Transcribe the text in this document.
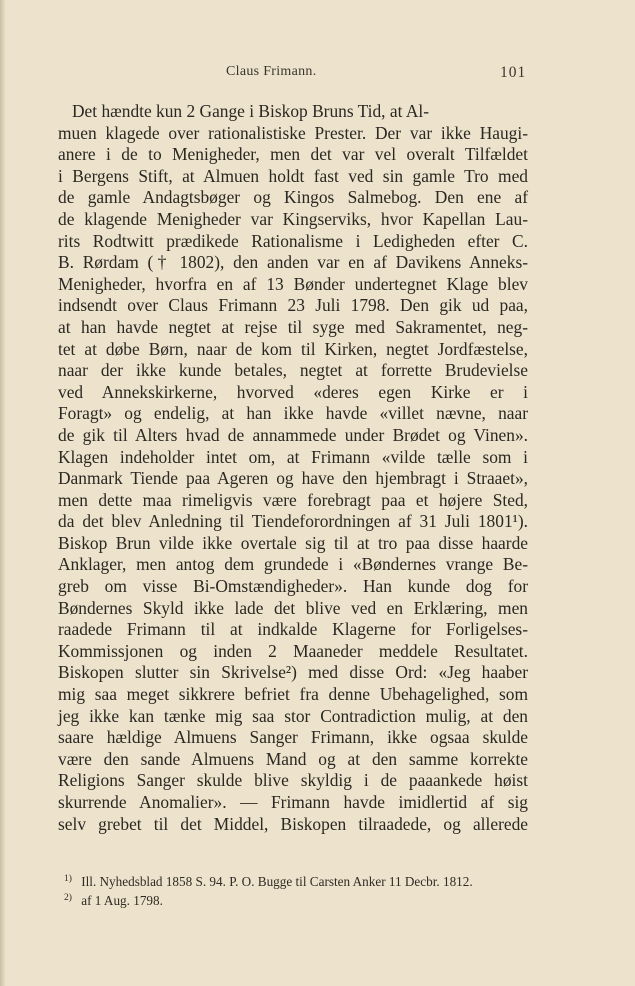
Claus Frimann.	101
Det hændte kun 2 Gange i Biskop Bruns Tid, at Al-
muen klagede over rationalistiske Prester. Der var ikke Haugi-
anere i de to Menigheder, men det var vel overalt Tilfældet
i Bergens Stift, at Almuen holdt fast ved sin gamle Tro med
de gamle Andagtsbøger og Kingos Salmebog. Den ene af
de klagende Menigheder var Kingserviks, hvor Kapellan Lau-
rits Rodtwitt prædikede Rationalisme i Ledigheden efter C.
B. Rørdam († 1802), den anden var en af Davikens Anneks-
Menigheder, hvorfra en af 13 Bønder undertegnet Klage blev
indsendt over Claus Frimann 23 Juli 1798. Den gik ud paa,
at han havde negtet at rejse til syge med Sakramentet, neg-
tet at døbe Børn, naar de kom til Kirken, negtet Jordfæstelse,
naar der ikke kunde betales, negtet at forrette Brudevielse
ved Annekskirkerne, hvorved «deres egen Kirke er i
Foragt» og endelig, at han ikke havde «villet nævne, naar
de gik til Alters hvad de annammede under Brødet og Vinen».
Klagen indeholder intet om, at Frimann «vilde tælle som i
Danmark Tiende paa Ageren og have den hjembragt i Straaet»,
men dette maa rimeligvis være forebragt paa et højere Sted,
da det blev Anledning til Tiendeforordningen af 31 Juli 1801¹).
Biskop Brun vilde ikke overtale sig til at tro paa disse haarde
Anklager, men antog dem grundede i «Bøndernes vrange Be-
greb om visse Bi-Omstændigheder». Han kunde dog for
Bøndernes Skyld ikke lade det blive ved en Erklæring, men
raadede Frimann til at indkalde Klagerne for Forligelses-
Kommissjonen og inden 2 Maaneder meddele Resultatet.
Biskopen slutter sin Skrivelse²) med disse Ord: «Jeg haaber
mig saa meget sikkrere befriet fra denne Ubehagelighed, som
jeg ikke kan tænke mig saa stor Contradiction mulig, at den
saare hældige Almuens Sanger Frimann, ikke ogsaa skulde
være den sande Almuens Mand og at den samme korrekte
Religions Sanger skulde blive skyldig i de paaankede høist
skurrende Anomalier». — Frimann havde imidlertid af sig
selv grebet til det Middel, Biskopen tilraadede, og allerede
$^{1)}$ Ill. Nyhedsblad 1858 S. 94. P. O. Bugge til Carsten Anker 11 Decbr. 1812.
$^{2)}$ af 1 Aug. 1798.
